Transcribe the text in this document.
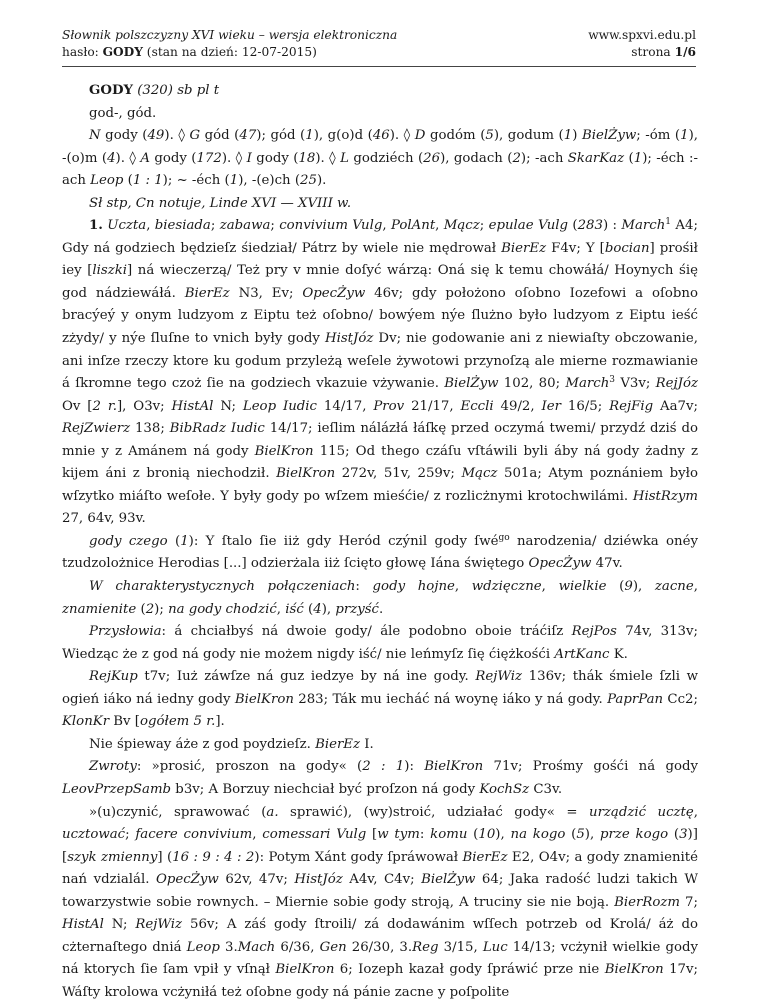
Słownik polszczyzny XVI wieku – wersja elektroniczna
hasło: GODY (stan na dzień: 12-07-2015)
www.spxvi.edu.pl
strona 1/6

GODY (320) sb pl t

god-, gód.

N gody (49). ◊ G gód (47); gód (1), g(o)d (46). ◊ D godóm (5), godum (1) BielŻyw; -óm (1), -(o)m (4). ◊ A gody (172). ◊ I gody (18). ◊ L godziéch (26), godach (2); -ach SkarKaz (1); -éch :-ach Leop (1 : 1); ~ -éch (1), -(e)ch (25).

Sł stp, Cn notuje, Linde XVI — XVIII w.

1. Uczta, biesiada; zabawa; convivium Vulg, PolAnt, Mącz; epulae Vulg (283) : March$^1$ A4; Gdy ná godziech będzieſz śiedział/ Pátrz by wiele nie mędrował BierEz F4v; Y [bocian] prośił iey [liszki] ná wieczerzą/ Też pry v mnie doſyć wárzą: Oná się k temu chowáłá/ Hoynych śię god nádziewáłá. BierEz N3, Ev; OpecŻyw 46v; gdy położono oſobno Iozefowi a oſobno bracýeý y onym ludzyom z Eiptu też oſobno/ bowýem nýe ſlużno było ludzyom z Eiptu ieść zżydy/ y nýe ſluſne to vnich były gody HistJóz Dv; nie godowanie ani z niewiaſty obczowanie, ani inſze rzeczy ktore ku godum przyleżą weſele żywotowi przynoſzą ale mierne rozmawianie á ſkromne tego czoż ſie na godziech vkazuie vżywanie. BielŻyw 102, 80; March$^3$ V3v; RejJóz Ov [2 r.], O3v; HistAl N; Leop Iudic 14/17, Prov 21/17, Eccli 49/2, Ier 16/5; RejFig Aa7v; RejZwierz 138; BibRadz Iudic 14/17; ieſlim nálázłá łáſkę przed oczymá twemi/ przydź dziś do mnie y z Amánem ná gody BielKron 115; Od thego czáſu vſtáwili byli áby ná gody żadny z kijem áni z bronią niechodził. BielKron 272v, 51v, 259v; Mącz 501a; Atym poznániem było wſzytko miáſto weſołe. Y były gody po wſzem mieśćie/ z rozlicżnymi krotochwilámi. HistRzym 27, 64v, 93v.

gody czego (1): Y ſtalo ſie iiż gdy Heród czýnil gody ſwé$^{go}$ narodzenia/ dziéwka onéy tzudzolożnice Herodias [...] odzierżala iiż ſcięto głowę Iána świętego OpecŻyw 47v.

W charakterystycznych połączeniach: gody hojne, wdzięczne, wielkie (9), zacne, znamienite (2); na gody chodzić, iść (4), przyść.

Przysłowia: á chciałbyś ná dwoie gody/ ále podobno oboie tráćiſz RejPos 74v, 313v; Wiedząc że z god ná gody nie możem nigdy iść/ nie leńmyſz ſię ćiężkośći ArtKanc K.

RejKup t7v; Iuż záwſze ná guz iedzye by ná ine gody. RejWiz 136v; thák śmiele ſzli w ogień iáko ná iedny gody BielKron 283; Ták mu iecháć ná woynę iáko y ná gody. PaprPan Cc2; KlonKr Bv [ogółem 5 r.].

Nie śpieway áże z god poydzieſz. BierEz I.

Zwroty: »prosić, proszon na gody« (2 : 1): BielKron 71v; Prośmy gośći ná gody LeovPrzepSamb b3v; A Borzuy niechciał być proſzon ná gody KochSz C3v.

»(u)czynić, sprawować (a. sprawić), (wy)stroić, udziałać gody« = urządzić ucztę, ucztować; facere convivium, comessari Vulg [w tym: komu (10), na kogo (5), prze kogo (3)] [szyk zmienny] (16 : 9 : 4 : 2): Potym Xánt gody ſpráwował BierEz E2, O4v; a gody znamienité nań vdzialál. OpecŻyw 62v, 47v; HistJóz A4v, C4v; BielŻyw 64; Jaka radość ludzi takich W towarzystwie sobie rownych. – Miernie sobie gody stroją, A truciny sie nie boją. BierRozm 7; HistAl N; RejWiz 56v; A záś gody ſtroili/ zá dodawánim wſſech potrzeb od Krolá/ áż do cżternaſtego dniá Leop 3.Mach 6/36, Gen 26/30, 3.Reg 3/15, Luc 14/13; vcżynił wielkie gody ná ktorych ſie ſam vpił y vſnął BielKron 6; Iozeph kazał gody ſpráwić prze nie BielKron 17v; Wáſty krolowa vcżyniłá też oſobne gody ná pánie zacne y poſpolite
